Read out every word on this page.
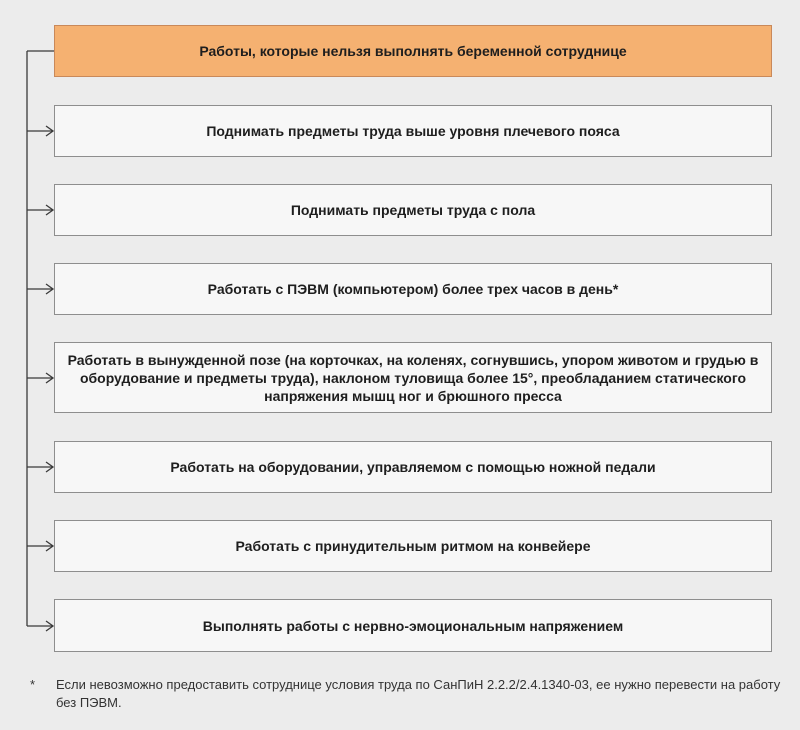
Работы, которые нельзя выполнять беременной сотруднице
Поднимать предметы труда выше уровня плечевого пояса
Поднимать предметы труда с пола
Работать с ПЭВМ (компьютером) более трех часов в день*
Работать в вынужденной позе (на корточках, на коленях, согнувшись, упором животом и грудью в оборудование и предметы труда), наклоном туловища более 15°, преобладанием статического напряжения мышц ног и брюшного пресса
Работать на оборудовании, управляемом с помощью ножной педали
Работать с принудительным ритмом на конвейере
Выполнять работы с нервно-эмоциональным напряжением
*	Если невозможно предоставить сотруднице условия труда по СанПиН 2.2.2/2.4.1340-03, ее нужно перевести на работу без ПЭВМ.
